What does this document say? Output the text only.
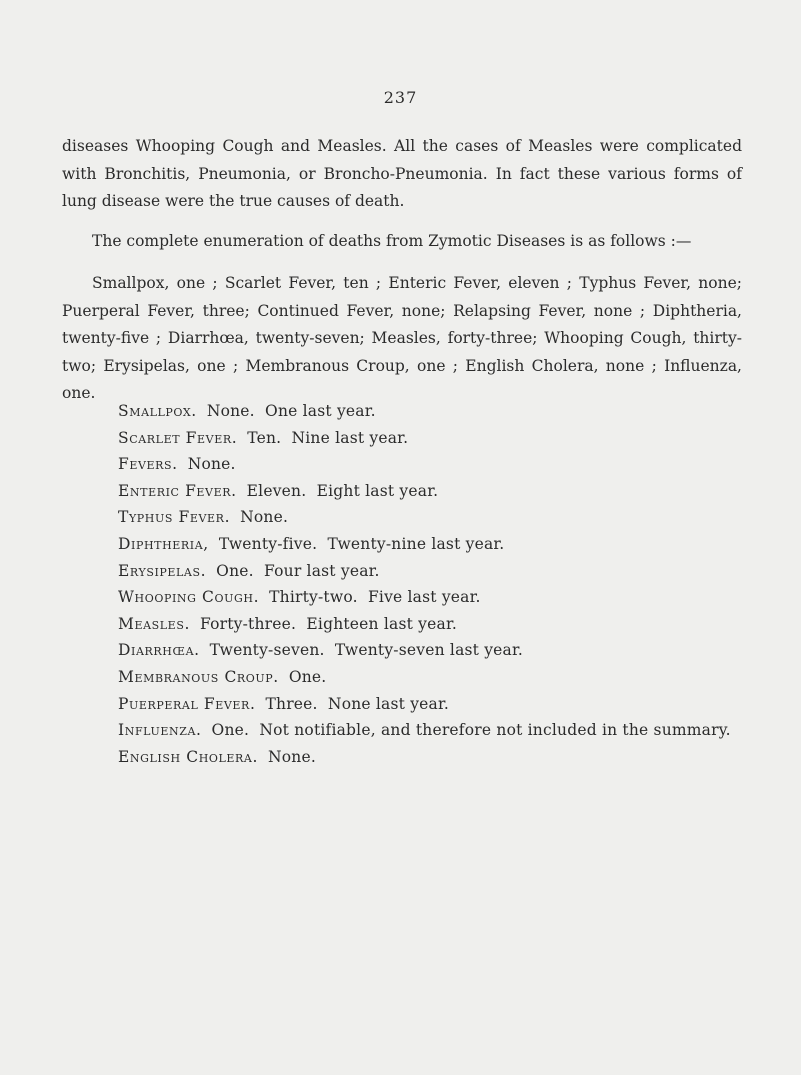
237

diseases Whooping Cough and Measles. All the cases of Measles were complicated with Bronchitis, Pneumonia, or Broncho-Pneumonia. In fact these various forms of lung disease were the true causes of death.

The complete enumeration of deaths from Zymotic Diseases is as follows :—

Smallpox, one ; Scarlet Fever, ten ; Enteric Fever, eleven ; Typhus Fever, none; Puerperal Fever, three; Continued Fever, none; Relapsing Fever, none ; Diphtheria, twenty-five ; Diarrhœa, twenty-seven; Measles, forty-three; Whooping Cough, thirty-two; Erysipelas, one ; Membranous Croup, one ; English Cholera, none ; Influenza, one.

Smallpox. None.  One last year.
Scarlet Fever. Ten.  Nine last year.
Fevers. None.
Enteric Fever. Eleven.  Eight last year.
Typhus Fever. None.
Diphtheria, Twenty-five.  Twenty-nine last year.
Erysipelas. One.  Four last year.
Whooping Cough. Thirty-two.  Five last year.
Measles. Forty-three.  Eighteen last year.
Diarrhœa. Twenty-seven.  Twenty-seven last year.
Membranous Croup. One.
Puerperal Fever. Three.  None last year.
Influenza. One.  Not notifiable, and therefore not included in the summary.
English Cholera. None.
